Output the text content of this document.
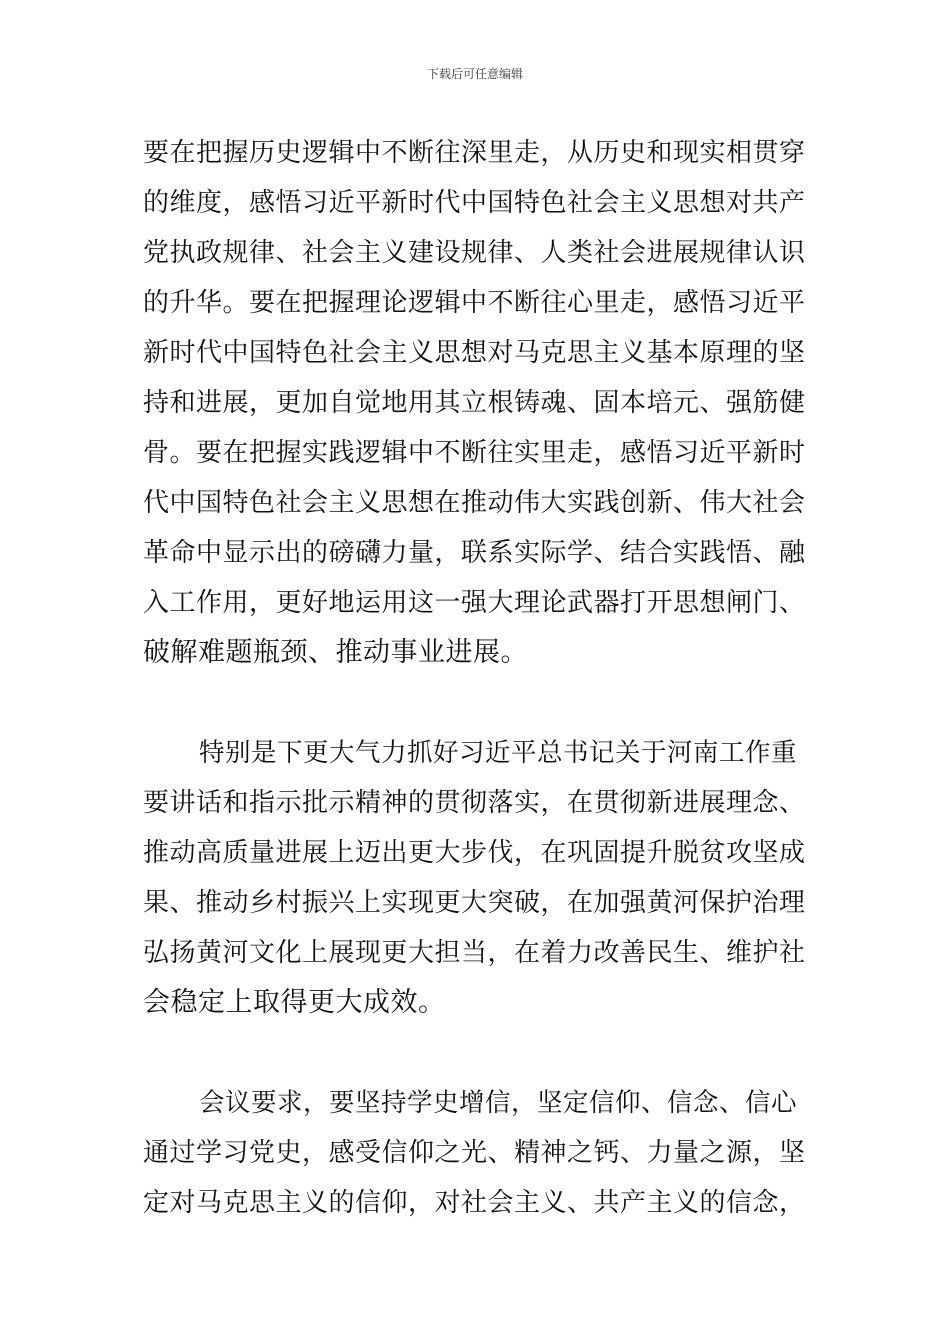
下载后可任意编辑
要在把握历史逻辑中不断往深里走，从历史和现实相贯穿
的维度，感悟习近平新时代中国特色社会主义思想对共产
党执政规律、社会主义建设规律、人类社会进展规律认识
的升华。要在把握理论逻辑中不断往心里走，感悟习近平
新时代中国特色社会主义思想对马克思主义基本原理的坚
持和进展，更加自觉地用其立根铸魂、固本培元、强筋健
骨。要在把握实践逻辑中不断往实里走，感悟习近平新时
代中国特色社会主义思想在推动伟大实践创新、伟大社会
革命中显示出的磅礴力量，联系实际学、结合实践悟、融
入工作用，更好地运用这一强大理论武器打开思想闸门、
破解难题瓶颈、推动事业进展。
特别是下更大气力抓好习近平总书记关于河南工作重
要讲话和指示批示精神的贯彻落实，在贯彻新进展理念、
推动高质量进展上迈出更大步伐，在巩固提升脱贫攻坚成
果、推动乡村振兴上实现更大突破，在加强黄河保护治理
弘扬黄河文化上展现更大担当，在着力改善民生、维护社
会稳定上取得更大成效。
会议要求，要坚持学史增信，坚定信仰、信念、信心
通过学习党史，感受信仰之光、精神之钙、力量之源，坚
定对马克思主义的信仰，对社会主义、共产主义的信念，
